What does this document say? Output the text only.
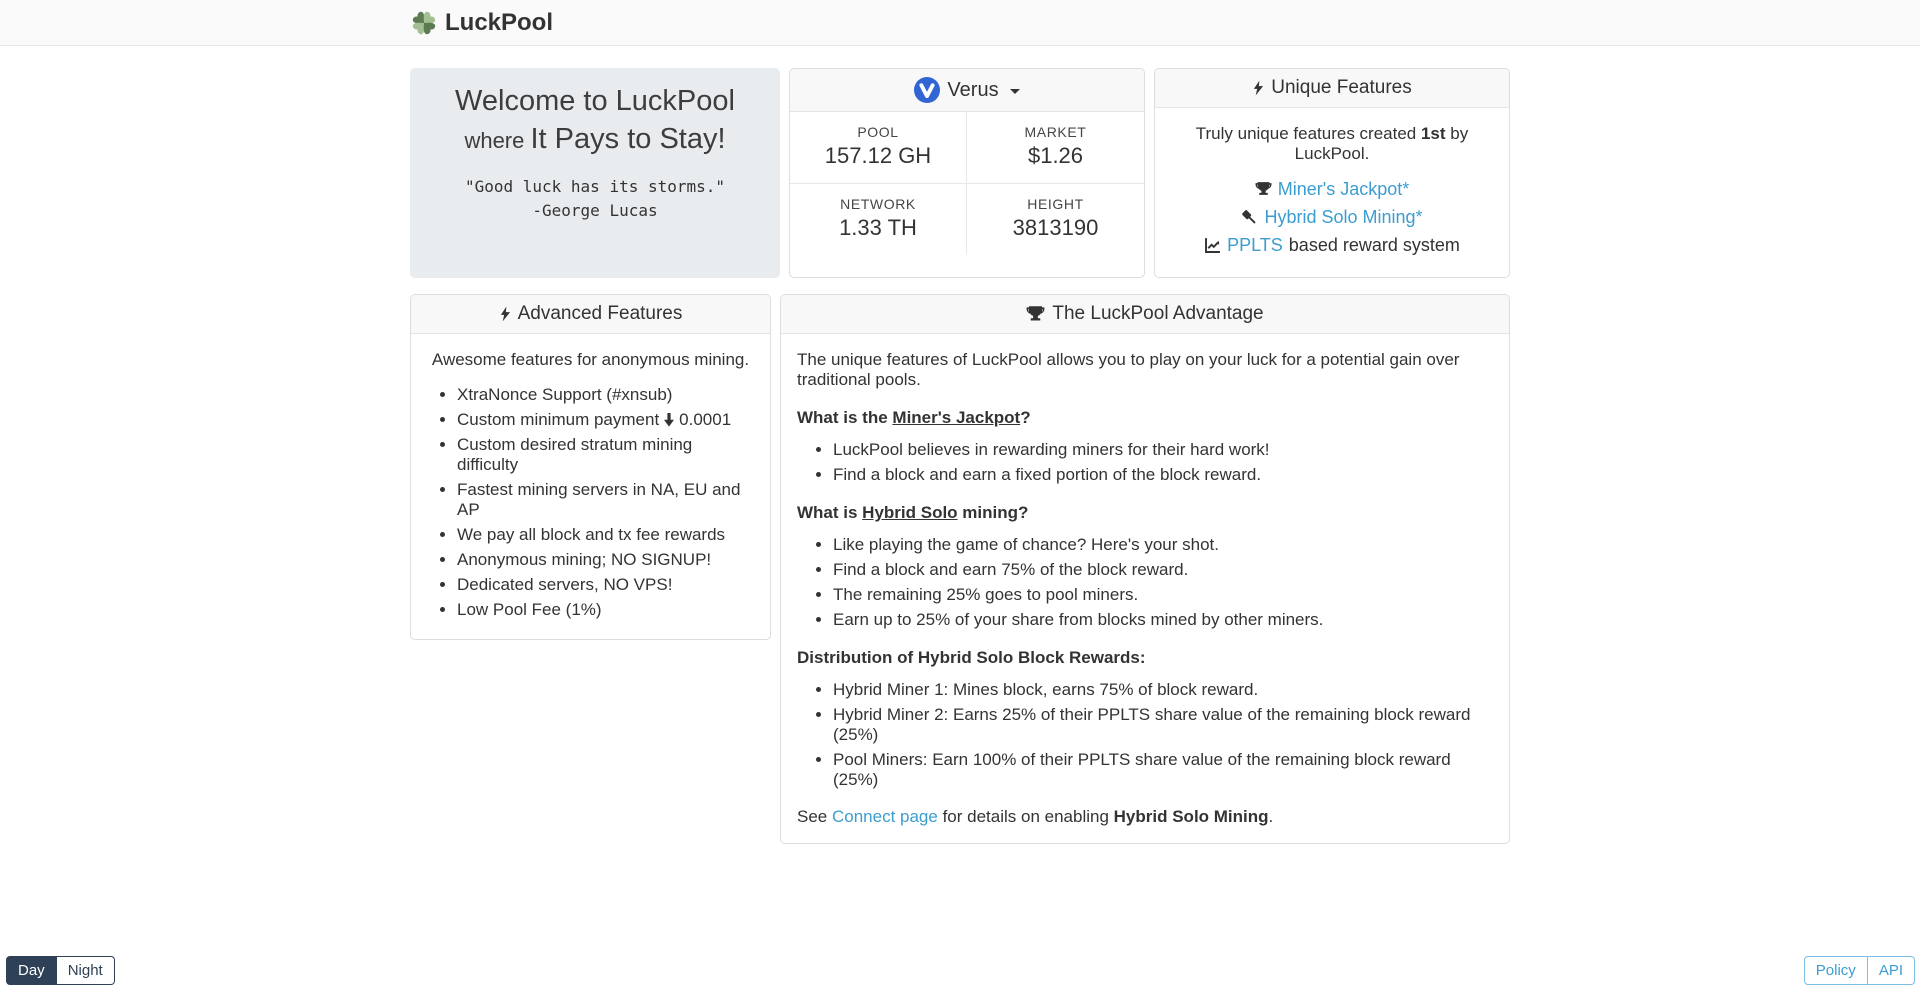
LuckPool
Welcome to LuckPool
where It Pays to Stay!
"Good luck has its storms."
-George Lucas
Verus
POOL
157.12 GH
MARKET
$1.26
NETWORK
1.33 TH
HEIGHT
3813190
Unique Features

Truly unique features created 1st by LuckPool.

Miner's Jackpot*
Hybrid Solo Mining*
PPLTS based reward system
Advanced Features

Awesome features for anonymous mining.

• XtraNonce Support (#xnsub)
• Custom minimum payment 0.0001
• Custom desired stratum mining difficulty
• Fastest mining servers in NA, EU and AP
• We pay all block and tx fee rewards
• Anonymous mining; NO SIGNUP!
• Dedicated servers, NO VPS!
• Low Pool Fee (1%)
The LuckPool Advantage

The unique features of LuckPool allows you to play on your luck for a potential gain over traditional pools.

What is the Miner's Jackpot?
• LuckPool believes in rewarding miners for their hard work!
• Find a block and earn a fixed portion of the block reward.
What is Hybrid Solo mining?
• Like playing the game of chance? Here's your shot.
• Find a block and earn 75% of the block reward.
• The remaining 25% goes to pool miners.
• Earn up to 25% of your share from blocks mined by other miners.
Distribution of Hybrid Solo Block Rewards:
• Hybrid Miner 1: Mines block, earns 75% of block reward.
• Hybrid Miner 2: Earns 25% of their PPLTS share value of the remaining block reward (25%)
• Pool Miners: Earn 100% of their PPLTS share value of the remaining block reward (25%)

See Connect page for details on enabling Hybrid Solo Mining.

Day	Night	Policy	API
